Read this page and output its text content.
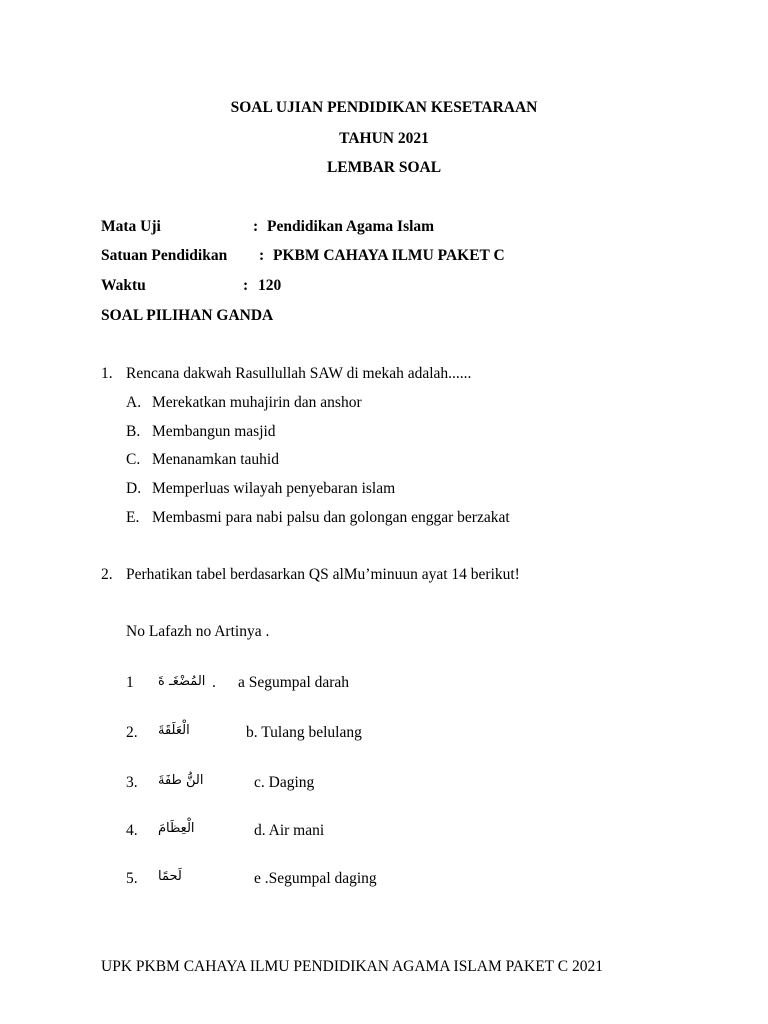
SOAL UJIAN PENDIDIKAN KESETARAAN
TAHUN 2021
LEMBAR SOAL
Mata Uji	: Pendidikan Agama Islam
Satuan Pendidikan : PKBM CAHAYA ILMU PAKET C
Waktu	: 120
SOAL PILIHAN GANDA
1. Rencana dakwah Rasullullah SAW di mekah adalah......
A. Merekatkan muhajirin dan anshor
B. Membangun masjid
C. Menanamkan tauhid
D. Memperluas wilayah penyebaran islam
E. Membasmi para nabi palsu dan golongan enggar berzakat
2. Perhatikan tabel berdasarkan QS alMu’minuun ayat 14 berikut!
No Lafazh no Artinya .
1 المُضْغَـ ةَ . a Segumpal darah
2. الْعَلَقَةَ	b. Tulang belulang
3. النُّ طفَةَ	c. Daging
4. الْعِظَامَ	d. Air mani
5. لَحمًا	e .Segumpal daging
UPK PKBM CAHAYA ILMU PENDIDIKAN AGAMA ISLAM PAKET C 2021
